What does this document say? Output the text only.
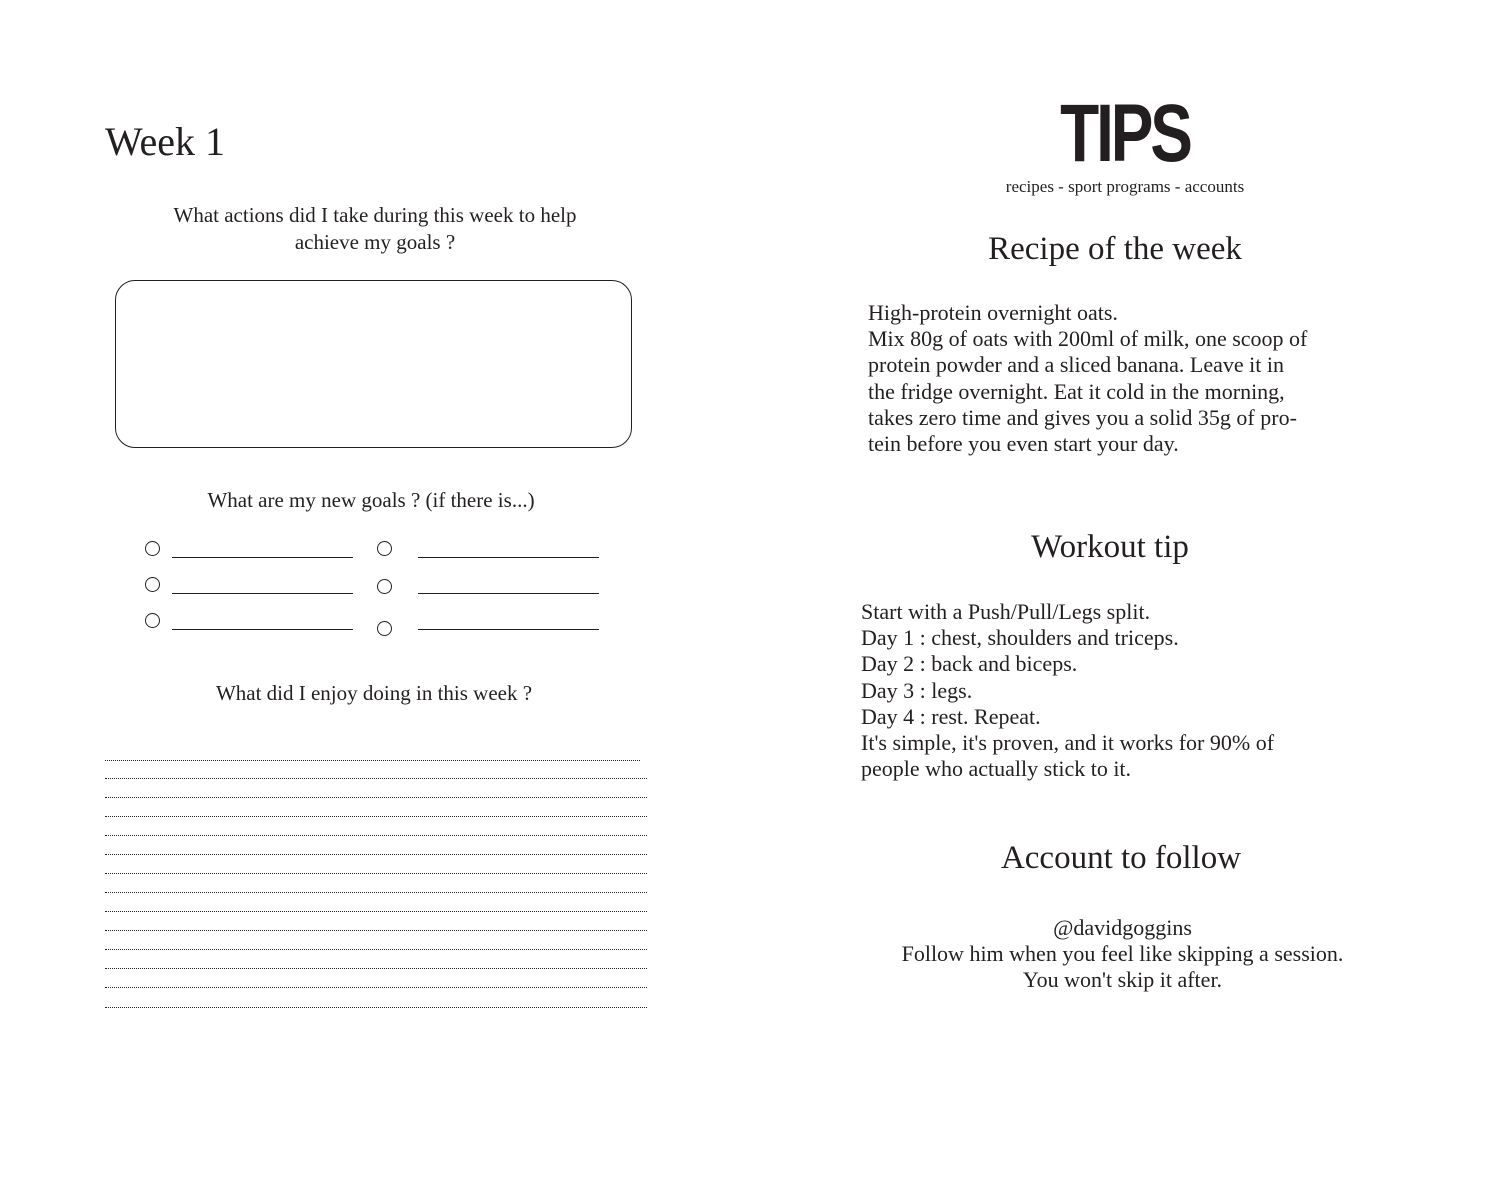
Week 1
What actions did I take during this week to help
achieve my goals ?
What are my new goals ? (if there is...)
What did I enjoy doing in this week ?
TIPS
recipes - sport programs - accounts
Recipe of the week
High-protein overnight oats.
Mix 80g of oats with 200ml of milk, one scoop of
protein powder and a sliced banana. Leave it in
the fridge overnight. Eat it cold in the morning,
takes zero time and gives you a solid 35g of pro-
tein before you even start your day.
Workout tip
Start with a Push/Pull/Legs split.
Day 1 : chest, shoulders and triceps.
Day 2 : back and biceps.
Day 3 : legs.
Day 4 : rest. Repeat.
It's simple, it's proven, and it works for 90% of
people who actually stick to it.
Account to follow
@davidgoggins
Follow him when you feel like skipping a session.
You won't skip it after.
